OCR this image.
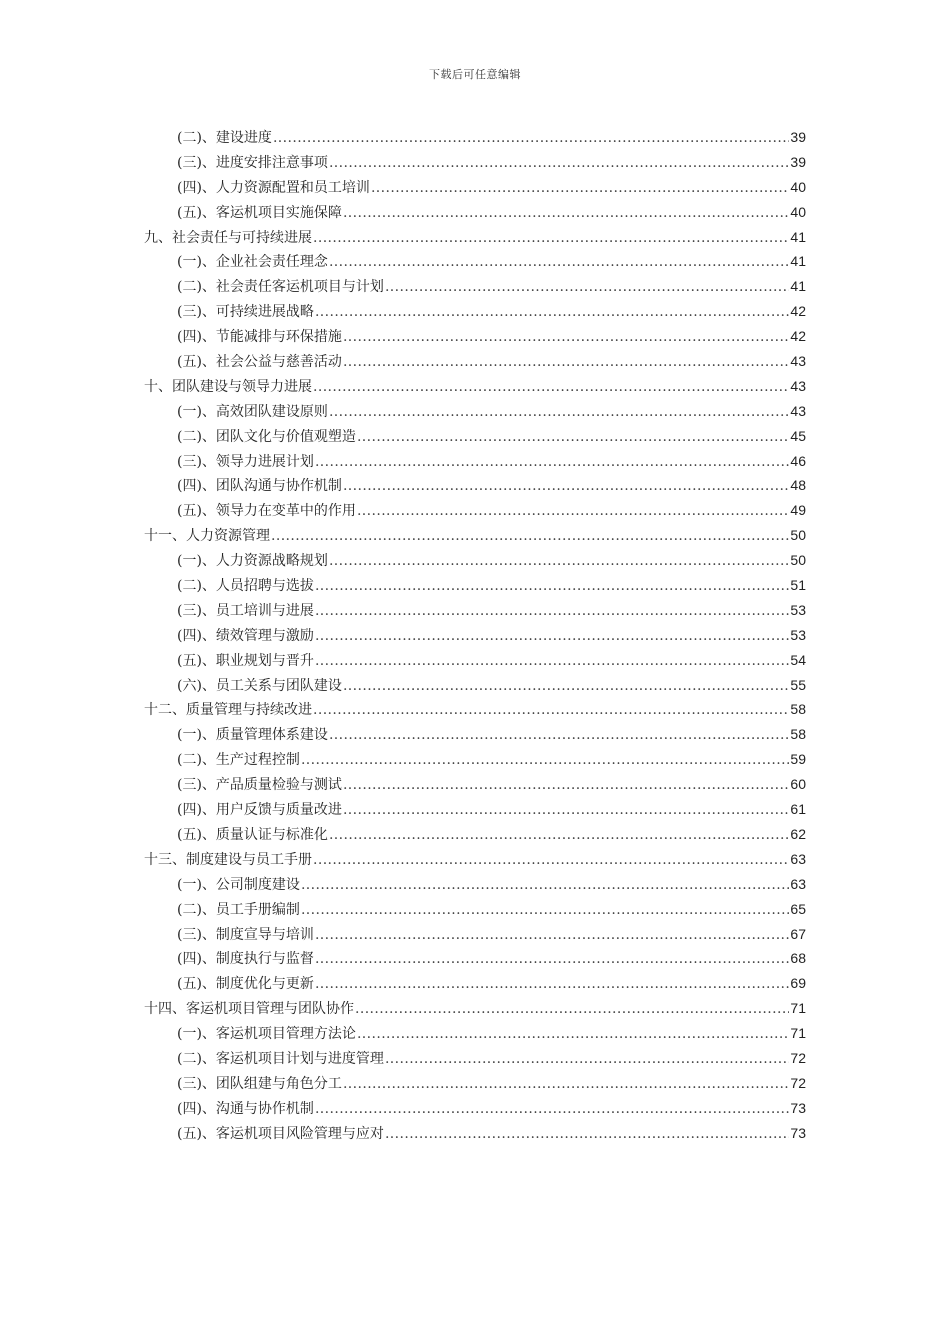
下载后可任意编辑
(二)、建设进度 .....	39
(三)、进度安排注意事项 .....	39
(四)、人力资源配置和员工培训 .....	40
(五)、客运机项目实施保障 .....	40
九、社会责任与可持续进展 .....	41
(一)、企业社会责任理念 .....	41
(二)、社会责任客运机项目与计划 .....	41
(三)、可持续进展战略 .....	42
(四)、节能减排与环保措施 .....	42
(五)、社会公益与慈善活动 .....	43
十、团队建设与领导力进展 .....	43
(一)、高效团队建设原则 .....	43
(二)、团队文化与价值观塑造 .....	45
(三)、领导力进展计划 .....	46
(四)、团队沟通与协作机制 .....	48
(五)、领导力在变革中的作用 .....	49
十一、人力资源管理 .....	50
(一)、人力资源战略规划 .....	50
(二)、人员招聘与选拔 .....	51
(三)、员工培训与进展 .....	53
(四)、绩效管理与激励 .....	53
(五)、职业规划与晋升 .....	54
(六)、员工关系与团队建设 .....	55
十二、质量管理与持续改进 .....	58
(一)、质量管理体系建设 .....	58
(二)、生产过程控制 .....	59
(三)、产品质量检验与测试 .....	60
(四)、用户反馈与质量改进 .....	61
(五)、质量认证与标准化 .....	62
十三、制度建设与员工手册 .....	63
(一)、公司制度建设 .....	63
(二)、员工手册编制 .....	65
(三)、制度宣导与培训 .....	67
(四)、制度执行与监督 .....	68
(五)、制度优化与更新 .....	69
十四、客运机项目管理与团队协作 .....	71
(一)、客运机项目管理方法论 .....	71
(二)、客运机项目计划与进度管理 .....	72
(三)、团队组建与角色分工 .....	72
(四)、沟通与协作机制 .....	73
(五)、客运机项目风险管理与应对 .....	73
